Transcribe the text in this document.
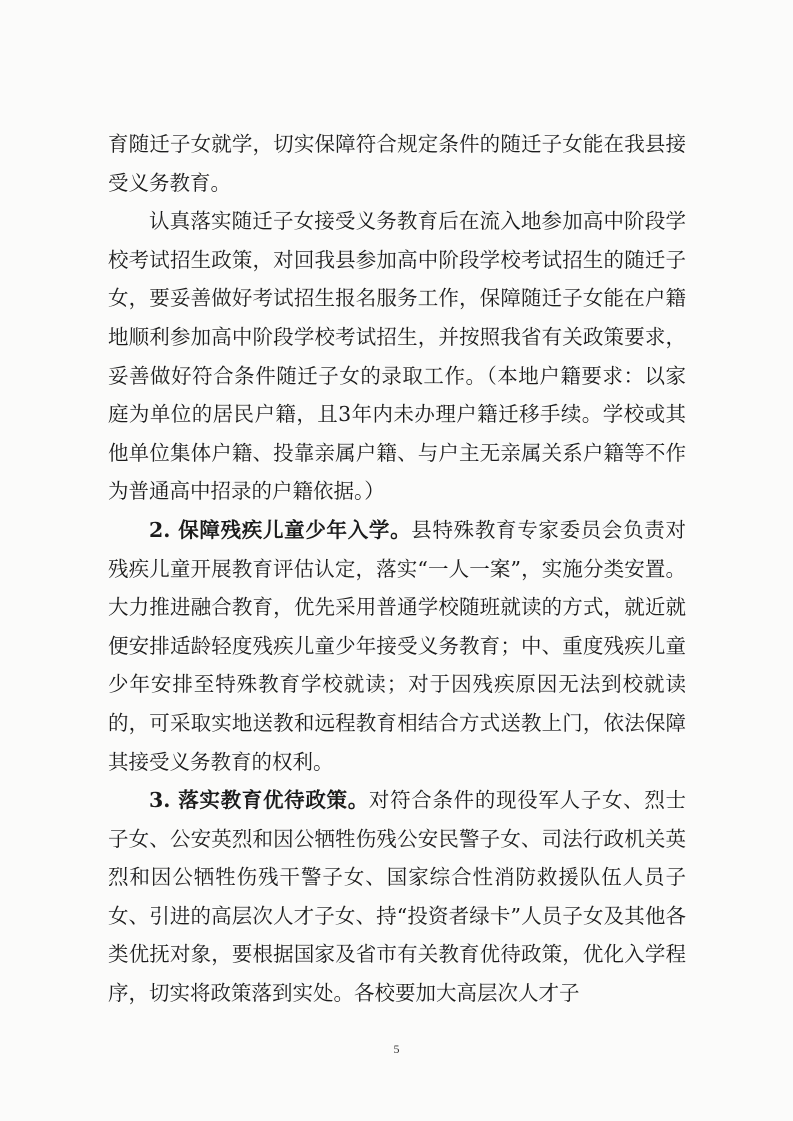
育随迁子女就学，切实保障符合规定条件的随迁子女能在我县接受义务教育。

认真落实随迁子女接受义务教育后在流入地参加高中阶段学校考试招生政策，对回我县参加高中阶段学校考试招生的随迁子女，要妥善做好考试招生报名服务工作，保障随迁子女能在户籍地顺利参加高中阶段学校考试招生，并按照我省有关政策要求，妥善做好符合条件随迁子女的录取工作。（本地户籍要求：以家庭为单位的居民户籍，且3年内未办理户籍迁移手续。学校或其他单位集体户籍、投靠亲属户籍、与户主无亲属关系户籍等不作为普通高中招录的户籍依据。）

2. 保障残疾儿童少年入学。县特殊教育专家委员会负责对残疾儿童开展教育评估认定，落实“一人一案”，实施分类安置。大力推进融合教育，优先采用普通学校随班就读的方式，就近就便安排适龄轻度残疾儿童少年接受义务教育；中、重度残疾儿童少年安排至特殊教育学校就读；对于因残疾原因无法到校就读的，可采取实地送教和远程教育相结合方式送教上门，依法保障其接受义务教育的权利。

3. 落实教育优待政策。对符合条件的现役军人子女、烈士子女、公安英烈和因公牺牲伤残公安民警子女、司法行政机关英烈和因公牺牲伤残干警子女、国家综合性消防救援队伍人员子女、引进的高层次人才子女、持“投资者绿卡”人员子女及其他各类优抚对象，要根据国家及省市有关教育优待政策，优化入学程序，切实将政策落到实处。各校要加大高层次人才子

5
